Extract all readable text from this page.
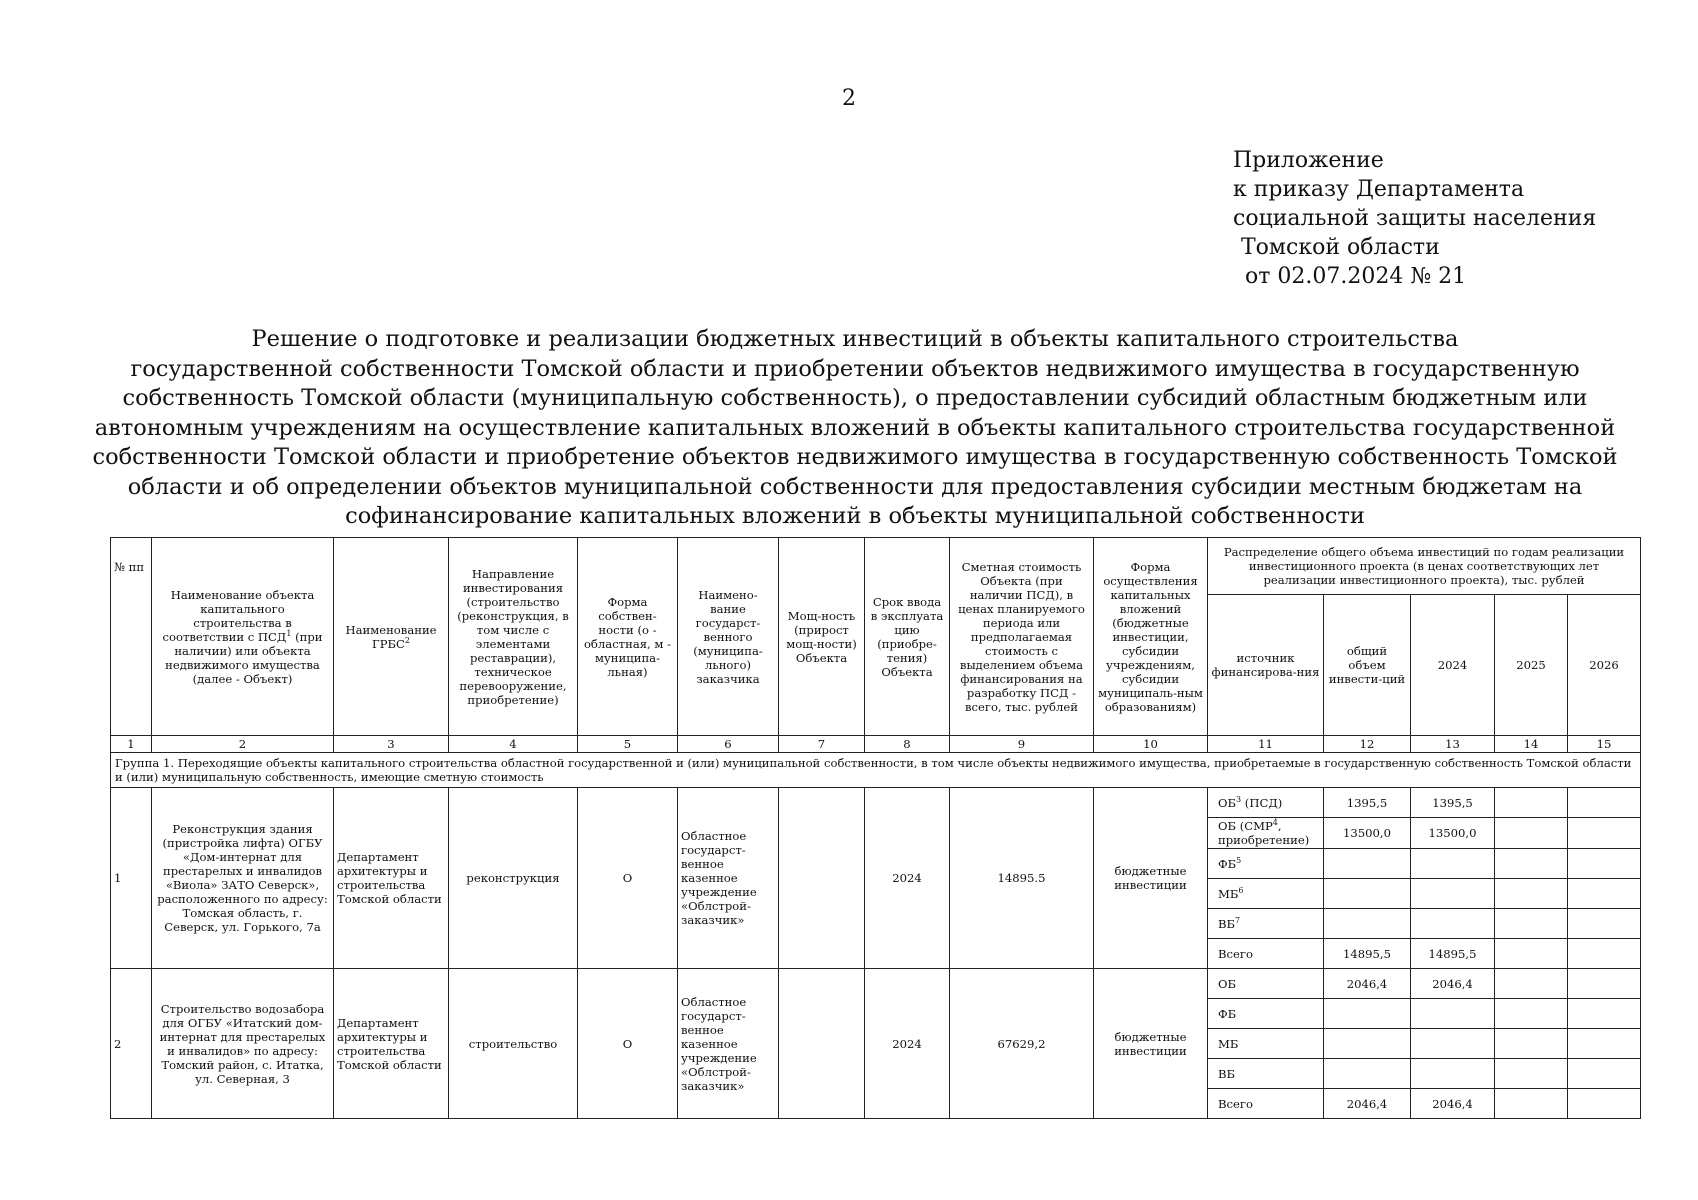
2
Приложение
к приказу Департамента
социальной защиты населения
Томской области
от 02.07.2024 № 21
Решение о подготовке и реализации бюджетных инвестиций в объекты капитального строительства
государственной собственности Томской области и приобретении объектов недвижимого имущества в государственную
собственность Томской области (муниципальную собственность), о предоставлении субсидий областным бюджетным или
автономным учреждениям на осуществление капитальных вложений в объекты капитального строительства государственной
собственности Томской области и приобретение объектов недвижимого имущества в государственную собственность Томской
области и об определении объектов муниципальной собственности для предоставления субсидии местным бюджетам на
софинансирование капитальных вложений в объекты муниципальной собственности
№ пп	Наименование объекта капитального строительства в соответствии с ПСД$^1$ (при наличии) или объекта недвижимого имущества (далее - Объект)	Наименование ГРБС$^2$	Направление инвестирования (строительство (реконструкция, в том числе с элементами реставрации), техническое перевооружение, приобретение)	Форма собствен-ности (о - областная, м - муниципа-льная)	Наимено-вание государст-венного (муниципа-льного) заказчика	Мощ-ность (прирост мощ-ности) Объекта	Срок ввода в эксплуата цию (приобре-тения) Объекта	Сметная стоимость Объекта (при наличии ПСД), в ценах планируемого периода или предполагаемая стоимость с выделением объема финансирования на разработку ПСД - всего, тыс. рублей	Форма осуществления капитальных вложений (бюджетные инвестиции, субсидии учреждениям, субсидии муниципаль-ным образованиям)	Распределение общего объема инвестиций по годам реализации инвестиционного проекта (в ценах соответствующих лет реализации инвестиционного проекта), тыс. рублей				
										источник финансирова-ния	общий объем инвести-ций	2024	2025	2026
1	2	3	4	5	6	7	8	9	10	11	12	13	14	15
Группа 1. Переходящие объекты капитального строительства областной государственной и (или) муниципальной собственности, в том числе объекты недвижимого имущества, приобретаемые в государственную собственность Томской области и (или) муниципальную собственность, имеющие сметную стоимость														
1	Реконструкция здания (пристройка лифта) ОГБУ «Дом-интернат для престарелых и инвалидов «Виола» ЗАТО Северск», расположенного по адресу: Томская область, г. Северск, ул. Горького, 7а	Департамент архитектуры и строительства Томской области	реконструкция	О	Областное государст-венное казенное учреждение «Облстрой-заказчик»		2024	14895.5	бюджетные инвестиции	$ОБ^3$ (ПСД)	1395,5	1395,5		
										ОБ (СМР$^4$, приобретение)	13500,0	13500,0		
										$ФБ^5$				
										$МБ^6$				
										$ВБ^7$				
										Всего	14895,5	14895,5		
2	Строительство водозабора для ОГБУ «Итатский дом-интернат для престарелых и инвалидов» по адресу: Томский район, с. Итатка, ул. Северная, 3	Департамент архитектуры и строительства Томской области	строительство	О	Областное государст-венное казенное учреждение «Облстрой-заказчик»		2024	67629,2	бюджетные инвестиции	ОБ	2046,4	2046,4		
										ФБ				
										МБ				
										ВБ				
										Всего	2046,4	2046,4		
